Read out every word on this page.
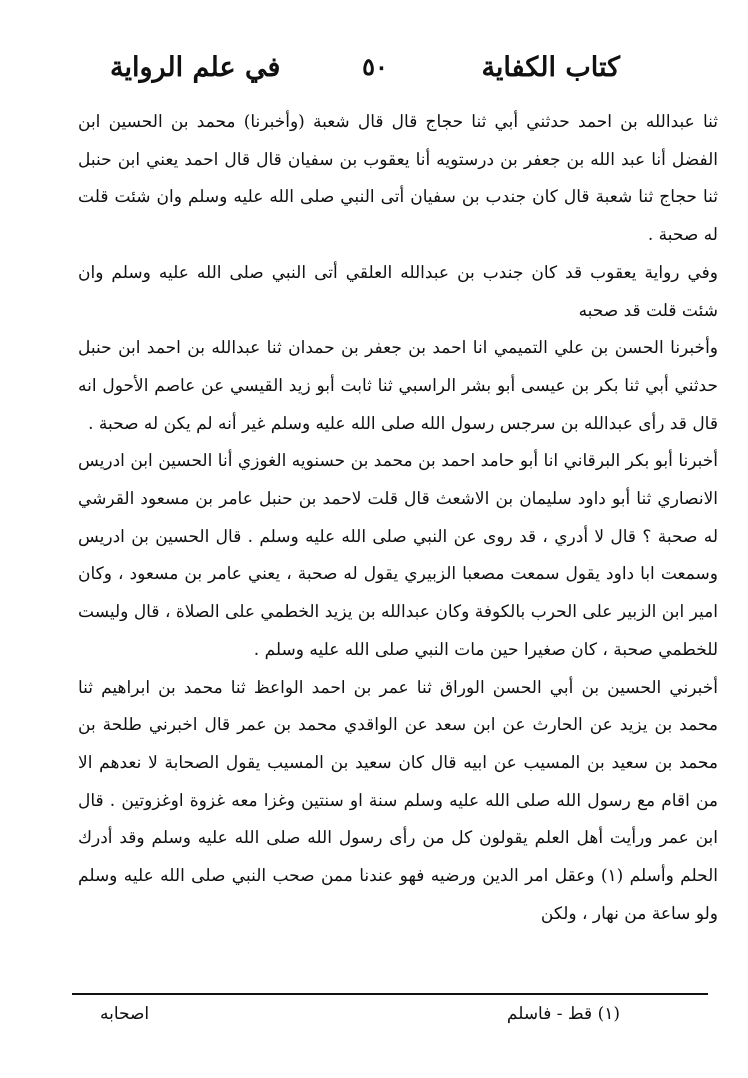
كتاب الكفاية
٥٠
في علم الرواية

ثنا عبدالله بن احمد حدثني أبي ثنا حجاج قال قال شعبة (وأخبرنا) محمد بن الحسين ابن الفضل أنا عبد الله بن جعفر بن درستويه أنا يعقوب بن سفيان قال قال احمد يعني ابن حنبل ثنا حجاج ثنا شعبة قال كان جندب بن سفيان أتى النبي صلى الله عليه وسلم وان شئت قلت له صحبة .

وفي رواية يعقوب قد كان جندب بن عبدالله العلقي أتى النبي صلى الله عليه وسلم وان شئت قلت قد صحبه

وأخبرنا الحسن بن علي التميمي انا احمد بن جعفر بن حمدان ثنا عبدالله بن احمد ابن حنبل حدثني أبي ثنا بكر بن عيسى أبو بشر الراسبي ثنا ثابت أبو زيد القيسي عن عاصم الأحول انه قال قد رأى عبدالله بن سرجس رسول الله صلى الله عليه وسلم غير أنه لم يكن له صحبة .

أخبرنا أبو بكر البرقاني انا أبو حامد احمد بن محمد بن حسنويه الغوزي أنا الحسين ابن ادريس الانصاري ثنا أبو داود سليمان بن الاشعث قال قلت لاحمد بن حنبل عامر بن مسعود القرشي له صحبة ؟ قال لا أدري ، قد روى عن النبي صلى الله عليه وسلم . قال الحسين بن ادريس وسمعت ابا داود يقول سمعت مصعبا الزبيري يقول له صحبة ، يعني عامر بن مسعود ، وكان امير ابن الزبير على الحرب بالكوفة وكان عبدالله بن يزيد الخطمي على الصلاة ، قال وليست للخطمي صحبة ، كان صغيرا حين مات النبي صلى الله عليه وسلم .

أخبرني الحسين بن أبي الحسن الوراق ثنا عمر بن احمد الواعظ ثنا محمد بن ابراهيم ثنا محمد بن يزيد عن الحارث عن ابن سعد عن الواقدي محمد بن عمر قال اخبرني طلحة بن محمد بن سعيد بن المسيب عن ابيه قال كان سعيد بن المسيب يقول الصحابة لا نعدهم الا من اقام مع رسول الله صلى الله عليه وسلم سنة او سنتين وغزا معه غزوة اوغزوتين . قال ابن عمر ورأيت أهل العلم يقولون كل من رأى رسول الله صلى الله عليه وسلم وقد أدرك الحلم وأسلم (١) وعقل امر الدين ورضيه فهو عندنا ممن صحب النبي صلى الله عليه وسلم ولو ساعة من نهار ، ولكن

(١) قط - فاسلم
اصحابه
